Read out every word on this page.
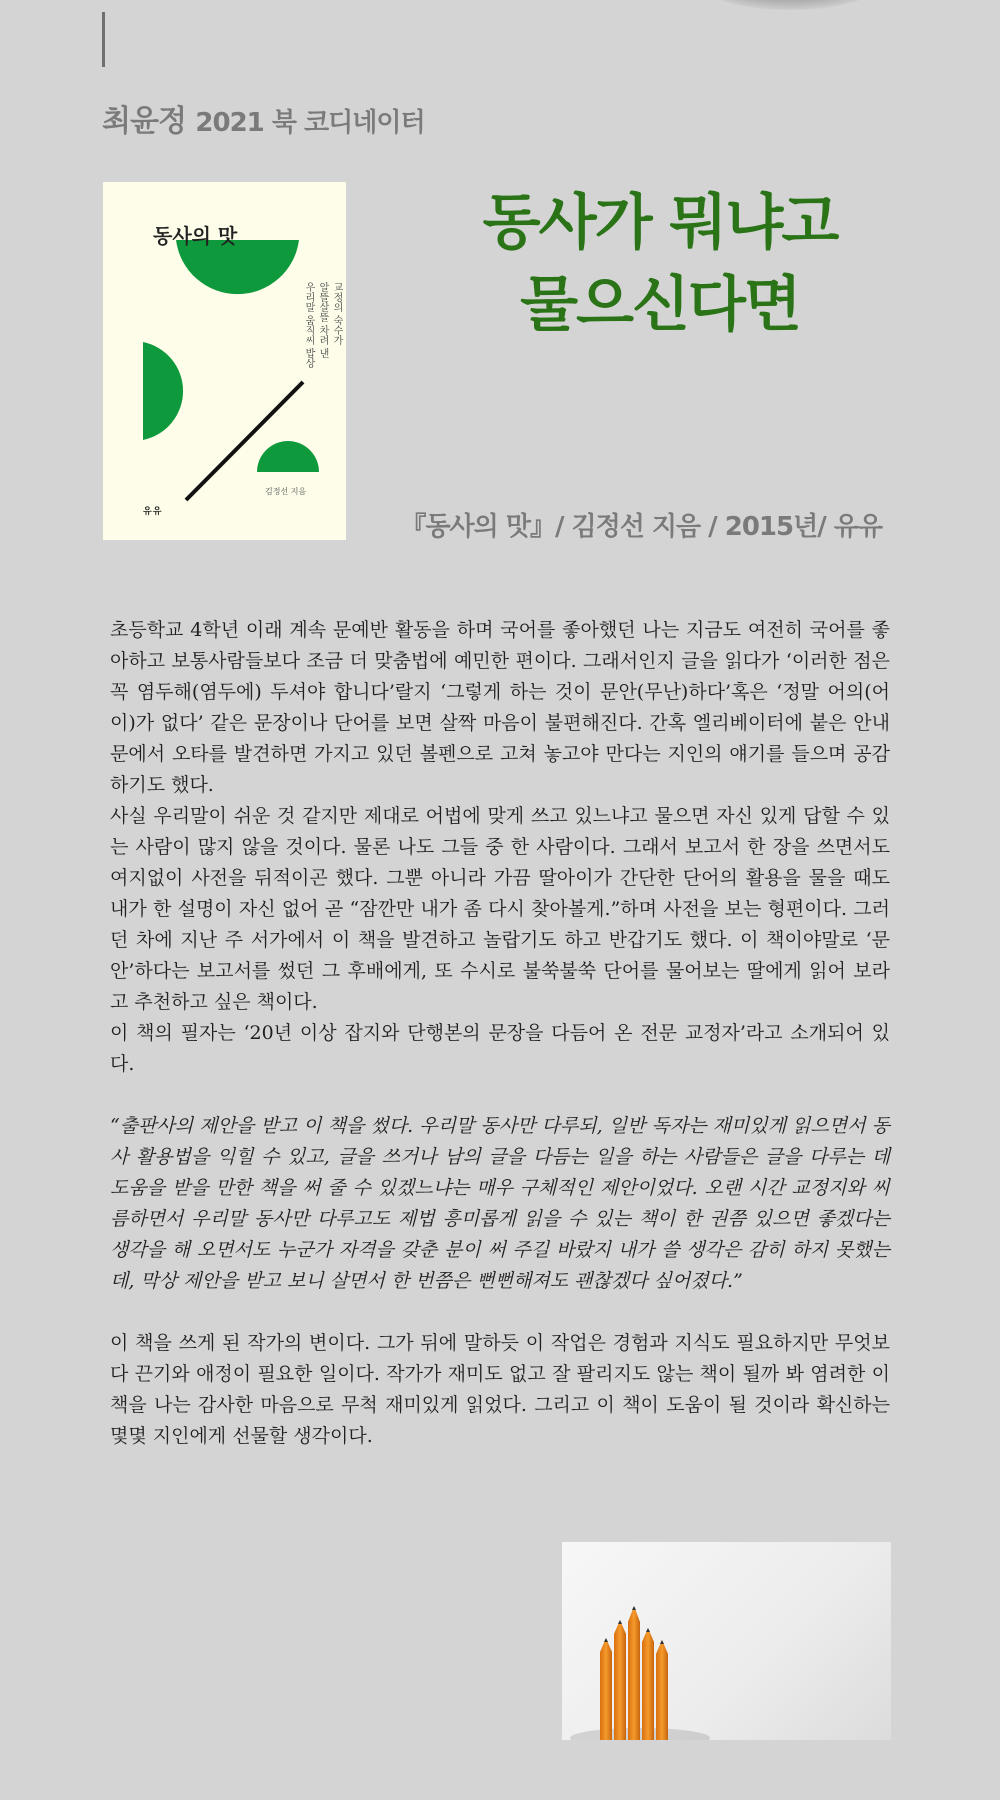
최윤정 2021 북 코디네이터
동사의 맛
교정의 숙수가
알뜰살뜰 차려 낸
우리말 움직씨 밥상
김정선 지음
유유
동사가 뭐냐고
물으신다면
『동사의 맛』/ 김정선 지음 / 2015년/ 유유

초등학교 4학년 이래 계속 문예반 활동을 하며 국어를 좋아했던 나는 지금도 여전히 국어를 좋아하고 보통사람들보다 조금 더 맞춤법에 예민한 편이다. 그래서인지 글을 읽다가 ‘이러한 점은 꼭 염두해(염두에) 두셔야 합니다’랄지 ‘그렇게 하는 것이 문안(무난)하다’혹은 ‘정말 어의(어이)가 없다’ 같은 문장이나 단어를 보면 살짝 마음이 불편해진다. 간혹 엘리베이터에 붙은 안내문에서 오타를 발견하면 가지고 있던 볼펜으로 고쳐 놓고야 만다는 지인의 얘기를 들으며 공감하기도 했다.

사실 우리말이 쉬운 것 같지만 제대로 어법에 맞게 쓰고 있느냐고 물으면 자신 있게 답할 수 있는 사람이 많지 않을 것이다. 물론 나도 그들 중 한 사람이다. 그래서 보고서 한 장을 쓰면서도 여지없이 사전을 뒤적이곤 했다. 그뿐 아니라 가끔 딸아이가 간단한 단어의 활용을 물을 때도 내가 한 설명이 자신 없어 곧 “잠깐만 내가 좀 다시 찾아볼게.”하며 사전을 보는 형편이다. 그러던 차에 지난 주 서가에서 이 책을 발견하고 놀랍기도 하고 반갑기도 했다. 이 책이야말로 ‘문안’하다는 보고서를 썼던 그 후배에게, 또 수시로 불쑥불쑥 단어를 물어보는 딸에게 읽어 보라고 추천하고 싶은 책이다.

이 책의 필자는 ‘20년 이상 잡지와 단행본의 문장을 다듬어 온 전문 교정자’라고 소개되어 있다.

“출판사의 제안을 받고 이 책을 썼다. 우리말 동사만 다루되, 일반 독자는 재미있게 읽으면서 동사 활용법을 익힐 수 있고, 글을 쓰거나 남의 글을 다듬는 일을 하는 사람들은 글을 다루는 데 도움을 받을 만한 책을 써 줄 수 있겠느냐는 매우 구체적인 제안이었다. 오랜 시간 교정지와 씨름하면서 우리말 동사만 다루고도 제법 흥미롭게 읽을 수 있는 책이 한 권쯤 있으면 좋겠다는 생각을 해 오면서도 누군가 자격을 갖춘 분이 써 주길 바랐지 내가 쓸 생각은 감히 하지 못했는데, 막상 제안을 받고 보니 살면서 한 번쯤은 뻔뻔해져도 괜찮겠다 싶어졌다.”

이 책을 쓰게 된 작가의 변이다. 그가 뒤에 말하듯 이 작업은 경험과 지식도 필요하지만 무엇보다 끈기와 애정이 필요한 일이다. 작가가 재미도 없고 잘 팔리지도 않는 책이 될까 봐 염려한 이 책을 나는 감사한 마음으로 무척 재미있게 읽었다. 그리고 이 책이 도움이 될 것이라 확신하는 몇몇 지인에게 선물할 생각이다.
